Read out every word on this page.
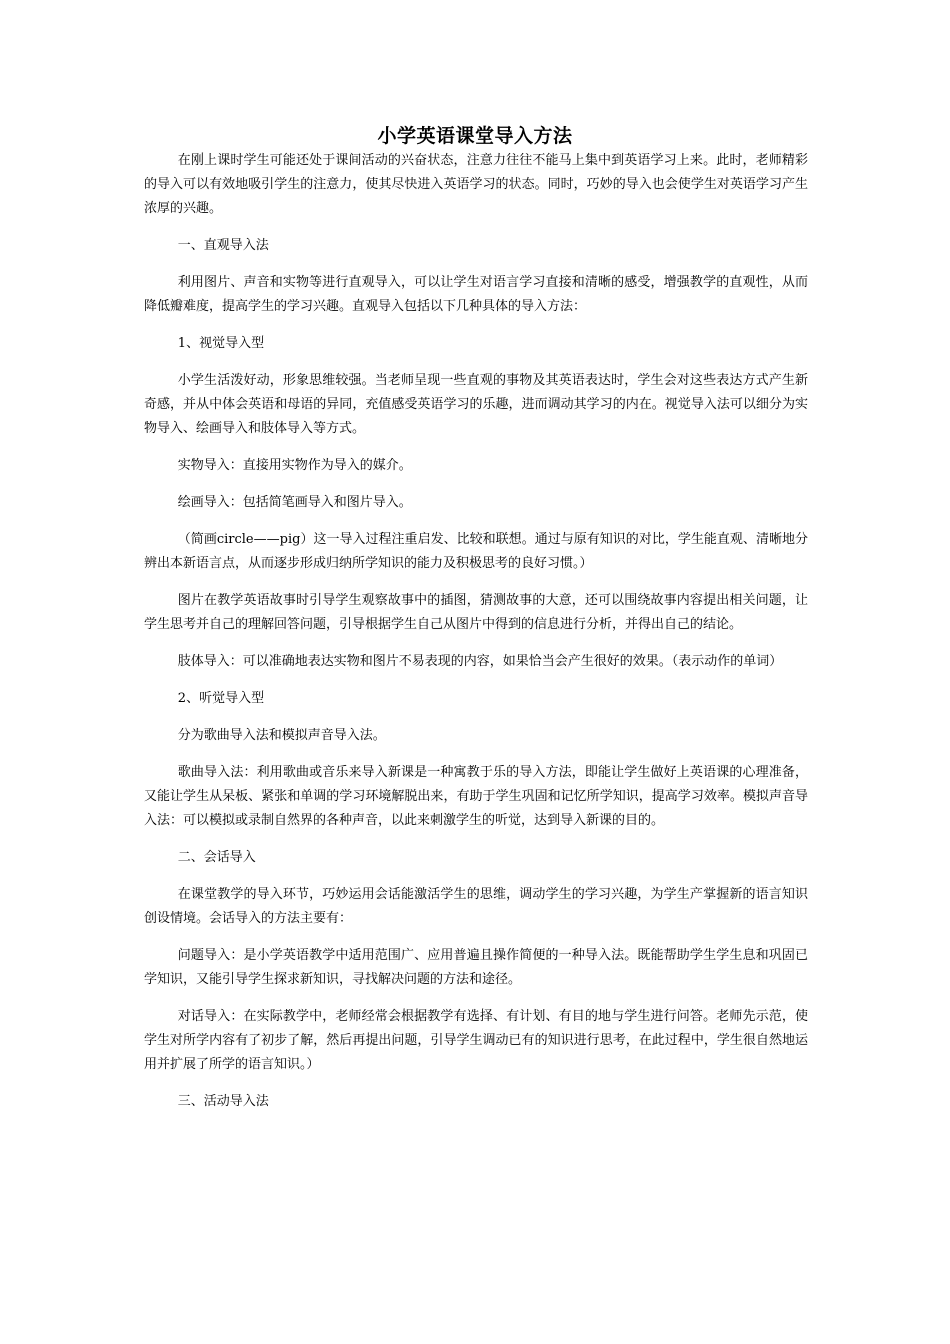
小学英语课堂导入方法

在刚上课时学生可能还处于课间活动的兴奋状态，注意力往往不能马上集中到英语学习上来。此时，老师精彩的导入可以有效地吸引学生的注意力，使其尽快进入英语学习的状态。同时，巧妙的导入也会使学生对英语学习产生浓厚的兴趣。

一、直观导入法

利用图片、声音和实物等进行直观导入，可以让学生对语言学习直接和清晰的感受，增强教学的直观性，从而降低瓣难度，提高学生的学习兴趣。直观导入包括以下几种具体的导入方法：

1、视觉导入型

小学生活泼好动，形象思维较强。当老师呈现一些直观的事物及其英语表达时，学生会对这些表达方式产生新奇感，并从中体会英语和母语的异同，充值感受英语学习的乐趣，进而调动其学习的内在。视觉导入法可以细分为实物导入、绘画导入和肢体导入等方式。

实物导入：直接用实物作为导入的媒介。

绘画导入：包括简笔画导入和图片导入。

（简画circle——pig）这一导入过程注重启发、比较和联想。通过与原有知识的对比，学生能直观、清晰地分辨出本新语言点，从而逐步形成归纳所学知识的能力及积极思考的良好习惯。）

图片在教学英语故事时引导学生观察故事中的插图，猜测故事的大意，还可以围绕故事内容提出相关问题，让学生思考并自己的理解回答问题，引导根据学生自己从图片中得到的信息进行分析，并得出自己的结论。

肢体导入：可以准确地表达实物和图片不易表现的内容，如果恰当会产生很好的效果。（表示动作的单词）

2、听觉导入型

分为歌曲导入法和模拟声音导入法。

歌曲导入法：利用歌曲或音乐来导入新课是一种寓教于乐的导入方法，即能让学生做好上英语课的心理准备，又能让学生从呆板、紧张和单调的学习环境解脱出来，有助于学生巩固和记忆所学知识，提高学习效率。模拟声音导入法：可以模拟或录制自然界的各种声音，以此来刺激学生的听觉，达到导入新课的目的。

二、会话导入

在课堂教学的导入环节，巧妙运用会话能激活学生的思维，调动学生的学习兴趣，为学生产掌握新的语言知识创设情境。会话导入的方法主要有：

问题导入：是小学英语教学中适用范围广、应用普遍且操作简便的一种导入法。既能帮助学生学生息和巩固已学知识，又能引导学生探求新知识，寻找解决问题的方法和途径。

对话导入：在实际教学中，老师经常会根据教学有选择、有计划、有目的地与学生进行问答。老师先示范，使学生对所学内容有了初步了解，然后再提出问题，引导学生调动已有的知识进行思考，在此过程中，学生很自然地运用并扩展了所学的语言知识。）

三、活动导入法
